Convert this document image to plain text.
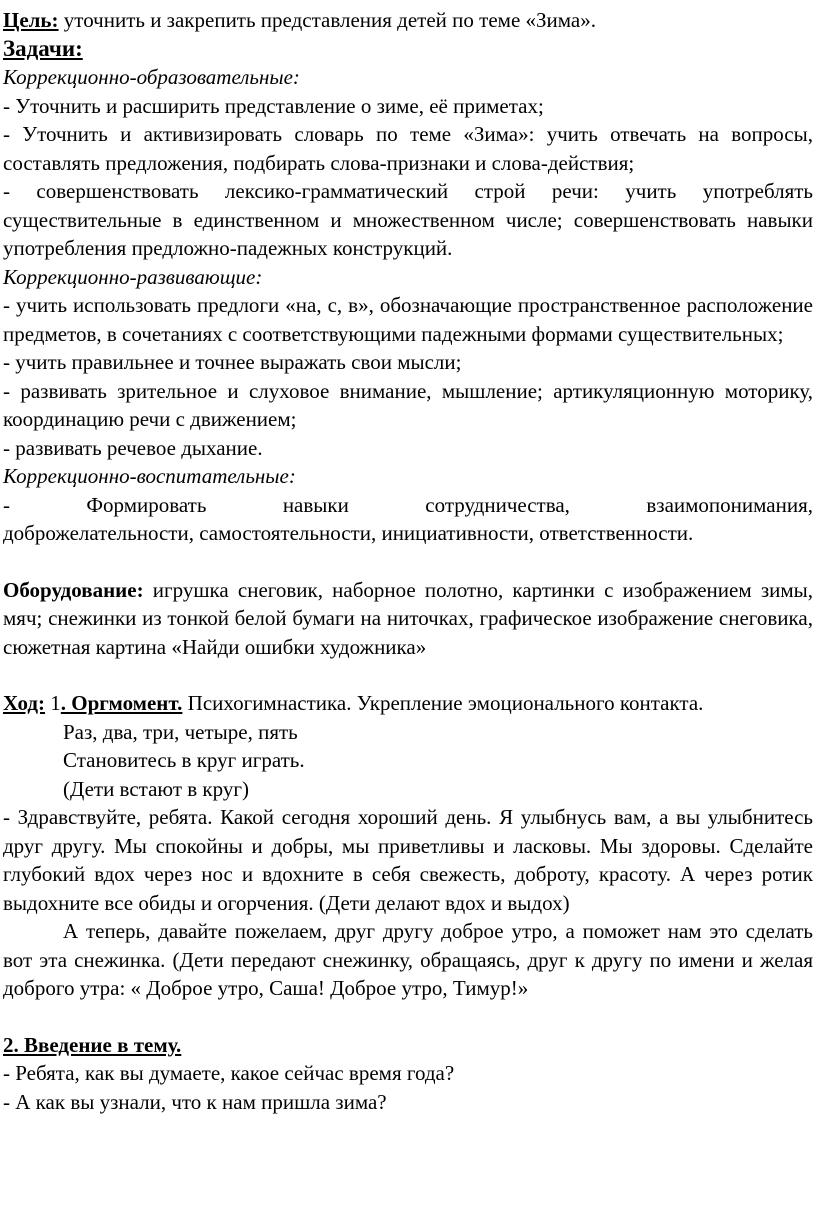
Цель: уточнить и закрепить представления детей по теме «Зима».

Задачи:

Коррекционно-образовательные:

- Уточнить и расширить представление о зиме, её приметах;

- Уточнить и активизировать словарь по теме «Зима»: учить отвечать на вопросы, составлять предложения, подбирать слова-признаки и слова-действия;

- совершенствовать лексико-грамматический строй речи: учить употреблять существительные в единственном и множественном числе; совершенствовать навыки употребления предложно-падежных конструкций.

Коррекционно-развивающие:

- учить использовать предлоги «на, с, в», обозначающие пространственное расположение предметов, в сочетаниях с соответствующими падежными формами существительных;

- учить правильнее и точнее выражать свои мысли;

- развивать зрительное и слуховое внимание, мышление; артикуляционную моторику, координацию речи с движением;

- развивать речевое дыхание.

Коррекционно-воспитательные:

- Формировать навыки сотрудничества, взаимопонимания,

доброжелательности, самостоятельности, инициативности, ответственности.

Оборудование: игрушка снеговик, наборное полотно, картинки с изображением зимы, мяч; снежинки из тонкой белой бумаги на ниточках, графическое изображение снеговика, сюжетная картина «Найди ошибки художника»

Ход: 1. Оргмомент. Психогимнастика. Укрепление эмоционального контакта.

Раз, два, три, четыре, пять

Становитесь в круг играть.

(Дети встают в круг)

- Здравствуйте, ребята. Какой сегодня хороший день. Я улыбнусь вам, а вы улыбнитесь друг другу. Мы спокойны и добры, мы приветливы и ласковы. Мы здоровы. Сделайте глубокий вдох через нос и вдохните в себя свежесть, доброту, красоту. А через ротик выдохните все обиды и огорчения. (Дети делают вдох и выдох)

А теперь, давайте пожелаем, друг другу доброе утро, а поможет нам это сделать вот эта снежинка. (Дети передают снежинку, обращаясь, друг к другу по имени и желая доброго утра: « Доброе утро, Саша! Доброе утро, Тимур!»

2. Введение в тему.

- Ребята, как вы думаете, какое сейчас время года?

- А как вы узнали, что к нам пришла зима?
